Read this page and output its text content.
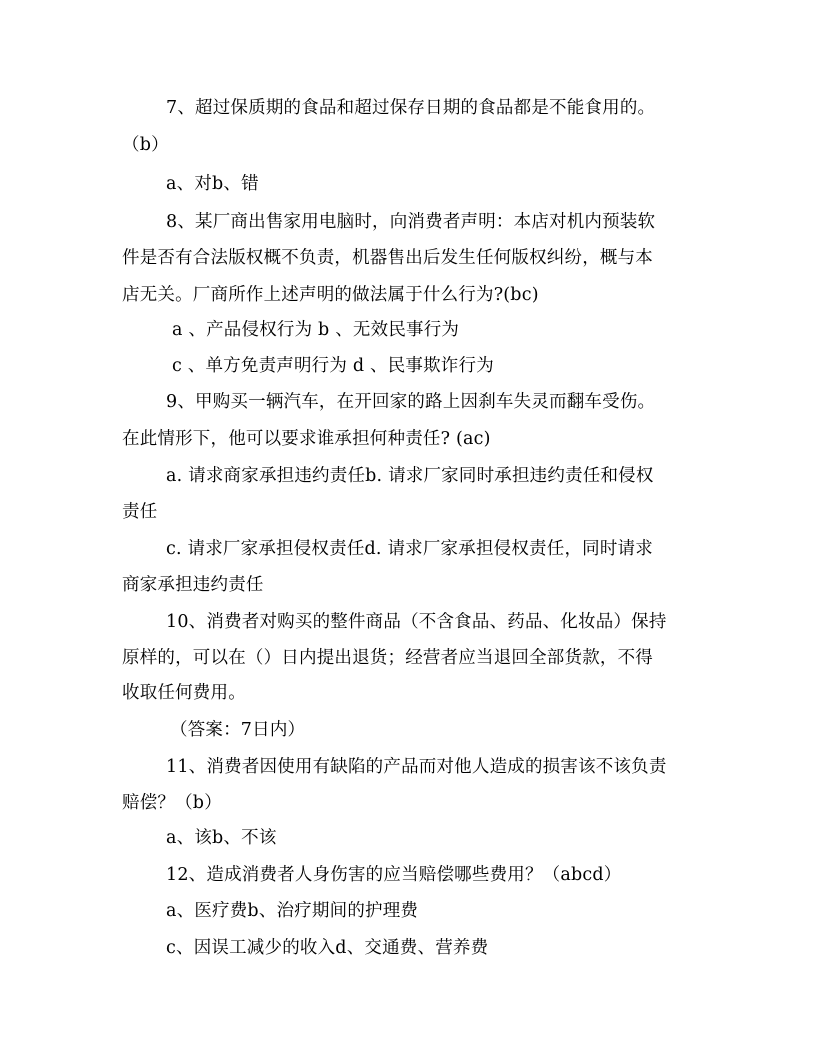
7、超过保质期的食品和超过保存日期的食品都是不能食用的。
（b）
a、对b、错
8、某厂商出售家用电脑时，向消费者声明：本店对机内预装软
件是否有合法版权概不负责，机器售出后发生任何版权纠纷，概与本
店无关。厂商所作上述声明的做法属于什么行为?(bc)
a 、产品侵权行为 b 、无效民事行为
c 、单方免责声明行为 d 、民事欺诈行为
9、甲购买一辆汽车，在开回家的路上因刹车失灵而翻车受伤。
在此情形下，他可以要求谁承担何种责任? (ac)
a. 请求商家承担违约责任b. 请求厂家同时承担违约责任和侵权
责任
c. 请求厂家承担侵权责任d. 请求厂家承担侵权责任，同时请求
商家承担违约责任
10、消费者对购买的整件商品（不含食品、药品、化妆品）保持
原样的，可以在（）日内提出退货；经营者应当退回全部货款，不得
收取任何费用。
（答案：7日内）
11、消费者因使用有缺陷的产品而对他人造成的损害该不该负责
赔偿？（b）
a、该b、不该
12、造成消费者人身伤害的应当赔偿哪些费用？（abcd）
a、医疗费b、治疗期间的护理费
c、因误工减少的收入d、交通费、营养费
